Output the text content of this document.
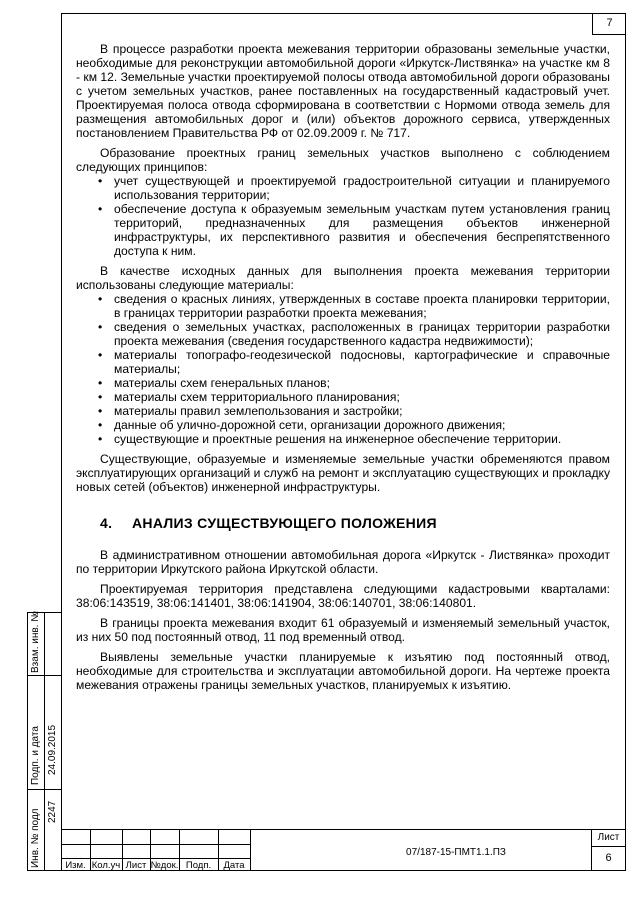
7

В процессе разработки проекта межевания территории образованы земельные участки, необходимые для реконструкции автомобильной дороги «Иркутск-Листвянка» на участке км 8 - км 12. Земельные участки проектируемой полосы отвода автомобильной дороги образованы с учетом земельных участков, ранее поставленных на государственный кадастровый учет. Проектируемая полоса отвода сформирована в соответствии с Нормоми отвода земель для размещения автомобильных дорог и (или) объектов дорожного сервиса, утвержденных постановлением Правительства РФ от 02.09.2009 г. № 717.

Образование проектных границ земельных участков выполнено с соблюдением следующих принципов:

• учет существующей и проектируемой градостроительной ситуации и планируемого использования территории;
• обеспечение доступа к образуемым земельным участкам путем установления границ территорий, предназначенных для размещения объектов инженерной инфраструктуры, их перспективного развития и обеспечения беспрепятственного доступа к ним.

В качестве исходных данных для выполнения проекта межевания территории использованы следующие материалы:

• сведения о красных линиях, утвержденных в составе проекта планировки территории, в границах территории разработки проекта межевания;
• сведения о земельных участках, расположенных в границах территории разработки проекта межевания (сведения государственного кадастра недвижимости);
• материалы топографо-геодезической подосновы, картографические и справочные материалы;
• материалы схем генеральных планов;
• материалы схем территориального планирования;
• материалы правил землепользования и застройки;
• данные об улично-дорожной сети, организации дорожного движения;
• существующие и проектные решения на инженерное обеспечение территории.

Существующие, образуемые и изменяемые земельные участки обременяются правом эксплуатирующих организаций и служб на ремонт и эксплуатацию существующих и прокладку новых сетей (объектов) инженерной инфраструктуры.

4. АНАЛИЗ СУЩЕСТВУЮЩЕГО ПОЛОЖЕНИЯ

В административном отношении автомобильная дорога «Иркутск - Листвянка» проходит по территории Иркутского района Иркутской области.

Проектируемая территория представлена следующими кадастровыми кварталами: 38:06:143519, 38:06:141401, 38:06:141904, 38:06:140701, 38:06:140801.

В границы проекта межевания входит 61 образуемый и изменяемый земельный участок, из них 50 под постоянный отвод, 11 под временный отвод.

Выявлены земельные участки планируемые к изъятию под постоянный отвод, необходимые для строительства и эксплуатации автомобильной дороги. На чертеже проекта межевания отражены границы земельных участков, планируемых к изъятию.

Взам. инв. №
Подп. и дата 24.09.2015
Инв. № подл 2247
Изм. Кол.уч Лист №док. Подп.	Дата
07/187-15-ПМТ1.1.ПЗ
Лист
6
